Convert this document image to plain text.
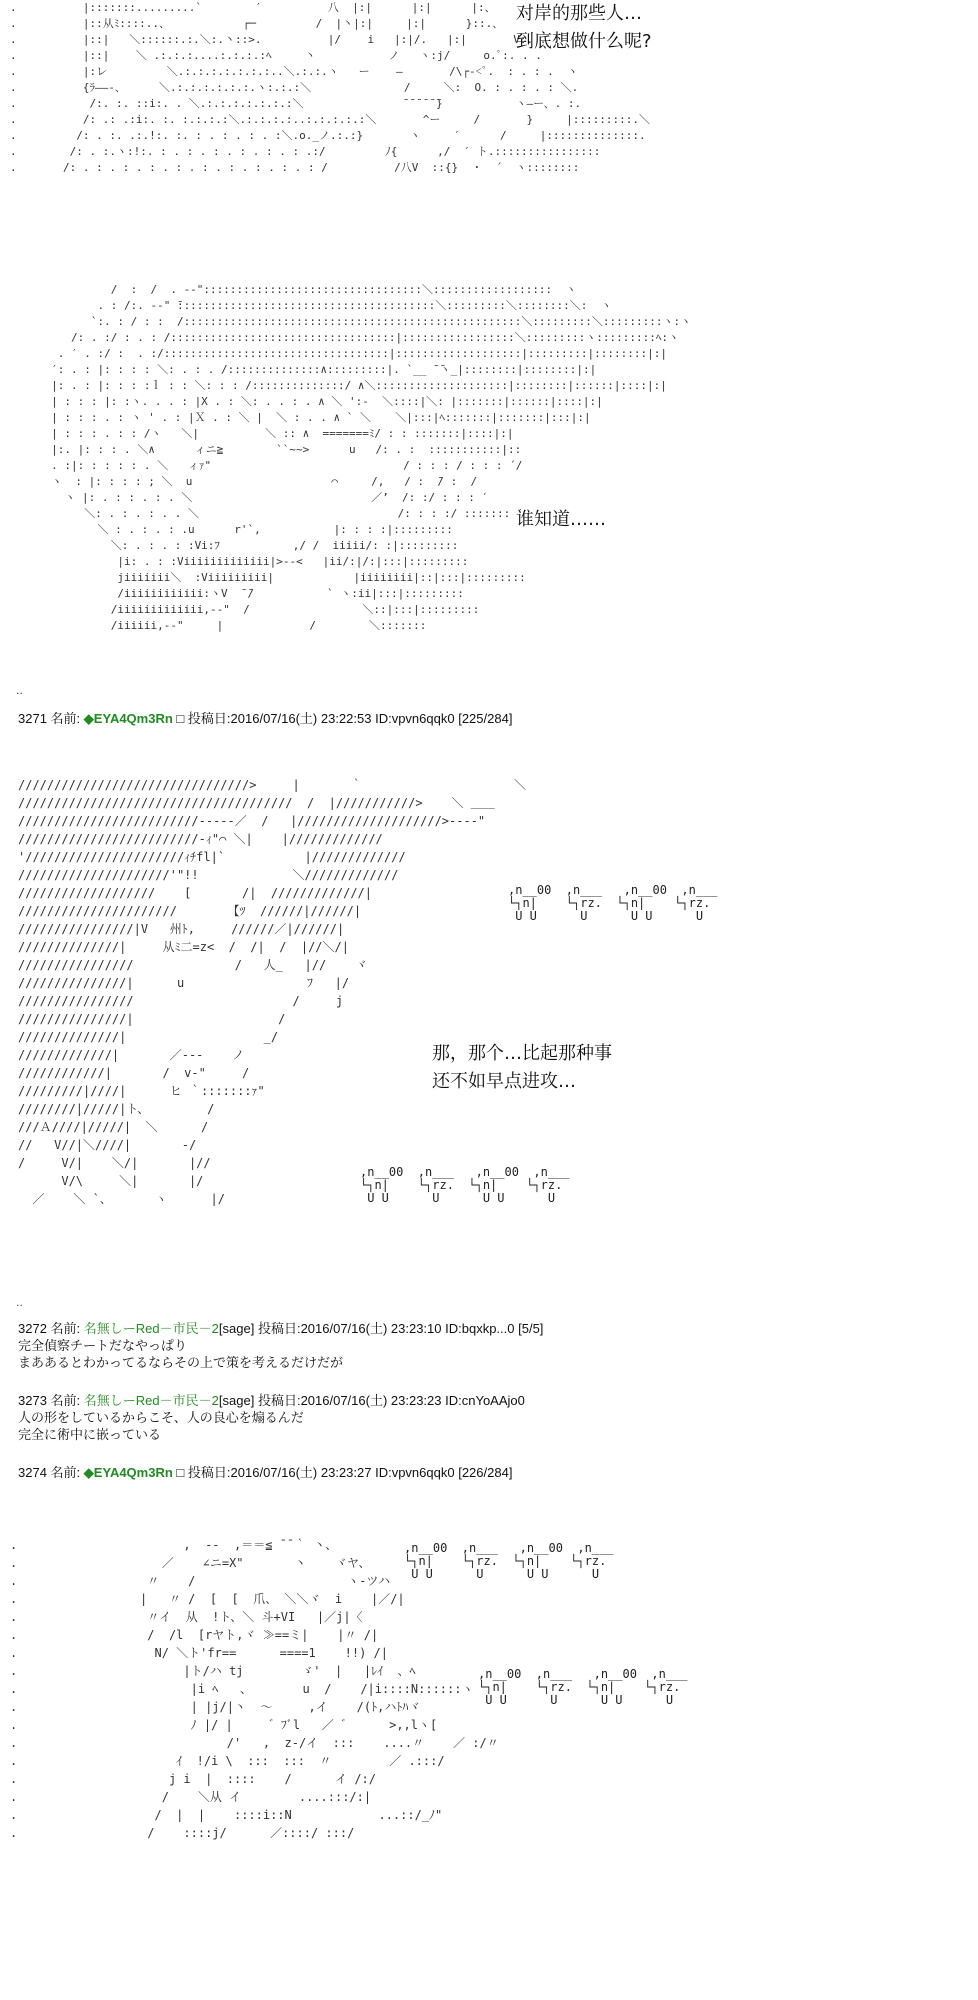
.          |:::::::.........`        ′          八  |:|      |:|      |:、
.          |::从ﾐ::::..、           ┌─         /  |丶|:|     |:|      }::.、
.          |::|   ＼::::::.:.＼:.丶::>.          |/    i   |:|/.   |:|       V:. . .
.          |::|    ＼ .:.:.:....:.:.:.:ﾍ     丶           ノ   ヽ:j/     o.ﾟ:. . .
.          |:レ         ＼.:.:.:.:.:.:.:..＼.:.:.ヽ   ー    ―       /\┌-<ﾟ.  : . : .  ヽ
.          {ﾗ――-、     ＼.:.:.:.:.:.:.ヽ:.:.:＼              /     ＼:  O. : . : . : ＼.
.           /:. :. ::i:. . ＼.:.:.:.:.:.:.:＼               ̄ ̄ ̄ ̄ ̄ ̄}           ヽ―ー、. :.
.          /: .: .:i:. :. :.:.:.:＼.:.:.:.:..:.:.:.:.:＼       ^ー     /       }     |:::::::::.＼
.         /: . :. .:.!:. :. : . : . : . :＼.o._ノ.:.:}       ヽ     ′      /     |::::::::::::::.
.        /: . :.ヽ:!:. : . : . : . : . : . : .:/         ﾉ{      ,/  ′ ト.::::::::::::::::
.       /: . : . : . : . : . : . : . : . : . : /          /八V  ::{}  ・  ´  ヽ::::::::
对岸的那些人…
到底想做什么呢?
/  :  /  . -‐":::::::::::::::::::::::::::::::::＼::::::::::::::::::  ヽ
. : /:. -‐" ̄:::::::::::::::::::::::::::::::::::::::＼:::::::::＼::::::::＼:  ヽ
`:. : / : :  /:::::::::::::::::::::::::::::::::::::::::::::::::::＼:::::::::＼:::::::::ヽ:ヽ
/: . :/ : . : /::::::::::::::::::::::::::::::::::|:::::::::::::::::＼:::::::::ヽ:::::::::ﾍ:ヽ
. ′ . :/ :  . :/::::::::::::::::::::::::::::::::::|:::::::::::::::::::|:::::::::|::::::::|:|
′: . : |: : : : ＼: . : . /::::::::::::::∧:::::::::|. `__ ̄ ̄ヽ_|::::::::|::::::::|:|
|: . : |: : : :ｌ : : ＼: : : /::::::::::::::/ ∧＼::::::::::::::::::::|::::::::|::::::|::::|:|
| : : : |: :ヽ. . . : |X . : ＼: . . : . ∧ ＼ ':-  ＼::::|＼: |:::::::|::::::|::::|:|
| : : : . : ヽ ' . : |Ｘ . : ＼ |  ＼ : . . ∧ ` ＼ 　 ＼|:::|ﾍ:::::::|:::::::|:::|:|
| : : : . : : /ヽ   ＼|          ＼ :: ∧  =======ﾐ/ : : :::::::|::::|:|
|:. |: : : . ＼∧      ィニ≧        ``~~>      u   /: . :  :::::::::::|::
. :|: : : : : . ＼   ィｧ"                             / : : : / : : : ´/
ヽ  : |: : : : ; ＼  u                     ⌒     /,   / :  ̄/ :  /
ヽ |: . : : . : . ＼                           ／’  /: :/ : : : ′
＼: . : . : . . ＼                              /: : : :/ ::::::: ′
＼ : . : . : .u      r'`,           |: : : :|:::::::::
＼: . : . : :Vi:ﾌ           ,/ /  iiiii/: :|:::::::::
|i: . : :Viiiiiiiiiiiii|>‐-<   |ii/:|/:|:::|:::::::::
jiiiiiii＼  :Viiiiiiiii|            |iiiiiiii|::|:::|:::::::::
/iiiiiiiiiiii:ヽV  ̄ ̄/           ` ヽ:ii|:::|:::::::::
/iiiiiiiiiiiii,-‐"  /                 ＼::|:::|:::::::::
/iiiiii,-‐"     |             /        ＼:::::::
谁知道……
..
3271 名前: ◆EYA4Qm3Rn □ 投稿日:2016/07/16(土) 23:22:53 ID:vpvn6qqk0 [225/284]
////////////////////////////////>     |       ｀	＼
//////////////////////////////////////  /  |///////////>    ＼ ＿＿
/////////////////////////‐‐‐‐‐／  /   |////////////////////>‐‐‐‐"
/////////////////////////‐ｨ"⌒ ＼|    |/////////////
'//////////////////////ｨﾁfl|`           |/////////////
/////////////////////'"!!             ＼/////////////
///////////////////    [       /|  /////////////|
//////////////////////       【ﾂ  //////|//////|
////////////////|V   州ﾄ,     //////／|//////|
//////////////|     从ﾐ二=z<  /  /|  /  |//＼/|
////////////////              /   人_   |//    ヾ
///////////////|      u                 ﾌ   |/
////////////////                      /     j
///////////////|                    /
//////////////|                   _/
/////////////|       ／‐‐‐    ノ
////////////|       /  v‐"     /
/////////|////|      ヒ ｀:::::::ｧ"
////////|/////|ト、        /
///Ａ////|/////|  ＼      /
//   V//|＼////|       ‐/
/     V/|    ＼/|       |//
V/\     ＼|       |/
／    ＼ `、      ヽ      |/
那，那个…比起那种事
还不如早点进攻…
,n__00  ,n___   ,n__00  ,n___
└┐n|    └┐rz.  └┐n|    └┐rz.
U U      U      U U      U
,n__00  ,n___   ,n__00  ,n___
└┐n|    └┐rz.  └┐n|    └┐rz.
U U      U      U U      U
..
3272 名前: 名無しーRed－市民－2[sage] 投稿日:2016/07/16(土) 23:23:10 ID:bqxkp...0 [5/5]
完全偵察チートだなやっぱり
まああるとわかってるならその上で策を考えるだけだが
3273 名前: 名無しーRed－市民－2[sage] 投稿日:2016/07/16(土) 23:23:23 ID:cnYoAAjo0
人の形をしているからこそ、人の良心を煽るんだ
完全に術中に嵌っている
3274 名前: ◆EYA4Qm3Rn □ 投稿日:2016/07/16(土) 23:23:27 ID:vpvn6qqk0 [226/284]
.                       ,  ‐‐  ,＝＝≦ ̄ ̄ ｀ 丶、
.                    ／    ∠ニ=X"       丶    ヾヤ、
.                  〃    /                     ヽ-ツハ
.                 |   〃 /  [  [  爪、 ＼＼ヾ  i    |／/|
.                  〃イ  从  !ト、＼ 斗+VI   |／j|〈
.                  /  /l  [rヤト,ヾ ≫==ミ|    |〃 /|
.                   N/ ＼ト'fr==      ====1    !!) /|
.                       |ト/ハ tj        ゞ'  |   |ﾚｲ  、ﾍ
.                        |i ﾍ   、       u  /    /|i::::N::::::ヽ
.                        | |j/|丶  ～     ,イ    /(ﾄ,ハﾄﾊヾ
.                        ﾉ |/ |     ゛ﾌﾞl   ／ ゛     >,,lヽ[
.                             /'   ,  z‐/イ  :::    ....〃    ／ :/〃
.                      ｲ  !/i \  :::  :::  〃        ／ .:::/
.                     j i  |  ::::    /      イ /:/
.                    /    ＼从 イ        ....:::/:|
.                   /  |  |    ::::i::N            ...::/_ﾉ"
.                  /    ::::j/      ／::::/ :::/
,n__00  ,n___   ,n__00  ,n___
└┐n|    └┐rz.  └┐n|    └┐rz.
U U      U      U U      U
,n__00  ,n___   ,n__00  ,n___
└┐n|    └┐rz.  └┐n|    └┐rz.
U U      U      U U      U
